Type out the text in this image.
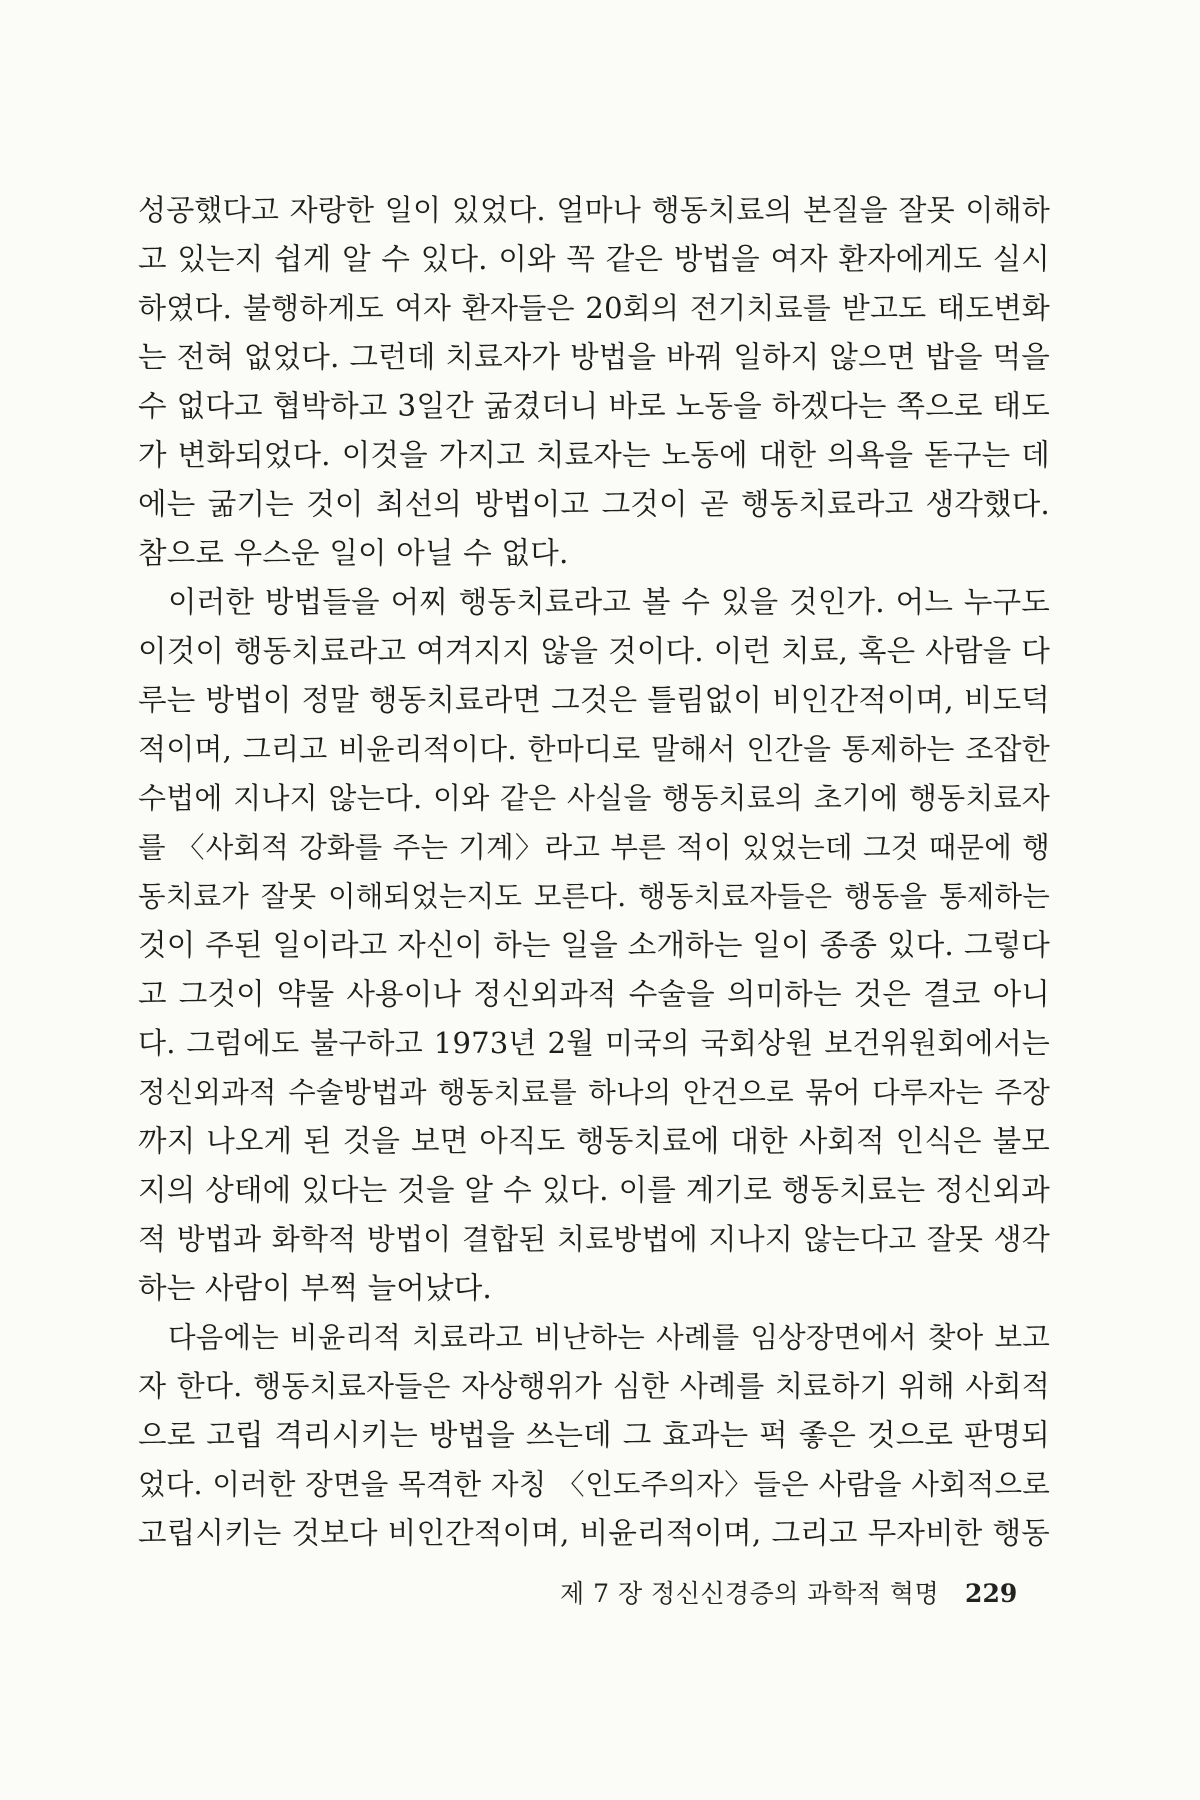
성공했다고 자랑한 일이 있었다. 얼마나 행동치료의 본질을 잘못 이해하
고 있는지 쉽게 알 수 있다. 이와 꼭 같은 방법을 여자 환자에게도 실시
하였다. 불행하게도 여자 환자들은 20회의 전기치료를 받고도 태도변화
는 전혀 없었다. 그런데 치료자가 방법을 바꿔 일하지 않으면 밥을 먹을
수 없다고 협박하고 3일간 굶겼더니 바로 노동을 하겠다는 쪽으로 태도
가 변화되었다. 이것을 가지고 치료자는 노동에 대한 의욕을 돋구는 데
에는 굶기는 것이 최선의 방법이고 그것이 곧 행동치료라고 생각했다.
참으로 우스운 일이 아닐 수 없다.
이러한 방법들을 어찌 행동치료라고 볼 수 있을 것인가. 어느 누구도
이것이 행동치료라고 여겨지지 않을 것이다. 이런 치료, 혹은 사람을 다
루는 방법이 정말 행동치료라면 그것은 틀림없이 비인간적이며, 비도덕
적이며, 그리고 비윤리적이다. 한마디로 말해서 인간을 통제하는 조잡한
수법에 지나지 않는다. 이와 같은 사실을 행동치료의 초기에 행동치료자
를 〈사회적 강화를 주는 기계〉라고 부른 적이 있었는데 그것 때문에 행
동치료가 잘못 이해되었는지도 모른다. 행동치료자들은 행동을 통제하는
것이 주된 일이라고 자신이 하는 일을 소개하는 일이 종종 있다. 그렇다
고 그것이 약물 사용이나 정신외과적 수술을 의미하는 것은 결코 아니
다. 그럼에도 불구하고 1973년 2월 미국의 국회상원 보건위원회에서는
정신외과적 수술방법과 행동치료를 하나의 안건으로 묶어 다루자는 주장
까지 나오게 된 것을 보면 아직도 행동치료에 대한 사회적 인식은 불모
지의 상태에 있다는 것을 알 수 있다. 이를 계기로 행동치료는 정신외과
적 방법과 화학적 방법이 결합된 치료방법에 지나지 않는다고 잘못 생각
하는 사람이 부쩍 늘어났다.
다음에는 비윤리적 치료라고 비난하는 사례를 임상장면에서 찾아 보고
자 한다. 행동치료자들은 자상행위가 심한 사례를 치료하기 위해 사회적
으로 고립 격리시키는 방법을 쓰는데 그 효과는 퍽 좋은 것으로 판명되
었다. 이러한 장면을 목격한 자칭 〈인도주의자〉들은 사람을 사회적으로
고립시키는 것보다 비인간적이며, 비윤리적이며, 그리고 무자비한 행동
제 7 장 정신신경증의 과학적 혁명 229
